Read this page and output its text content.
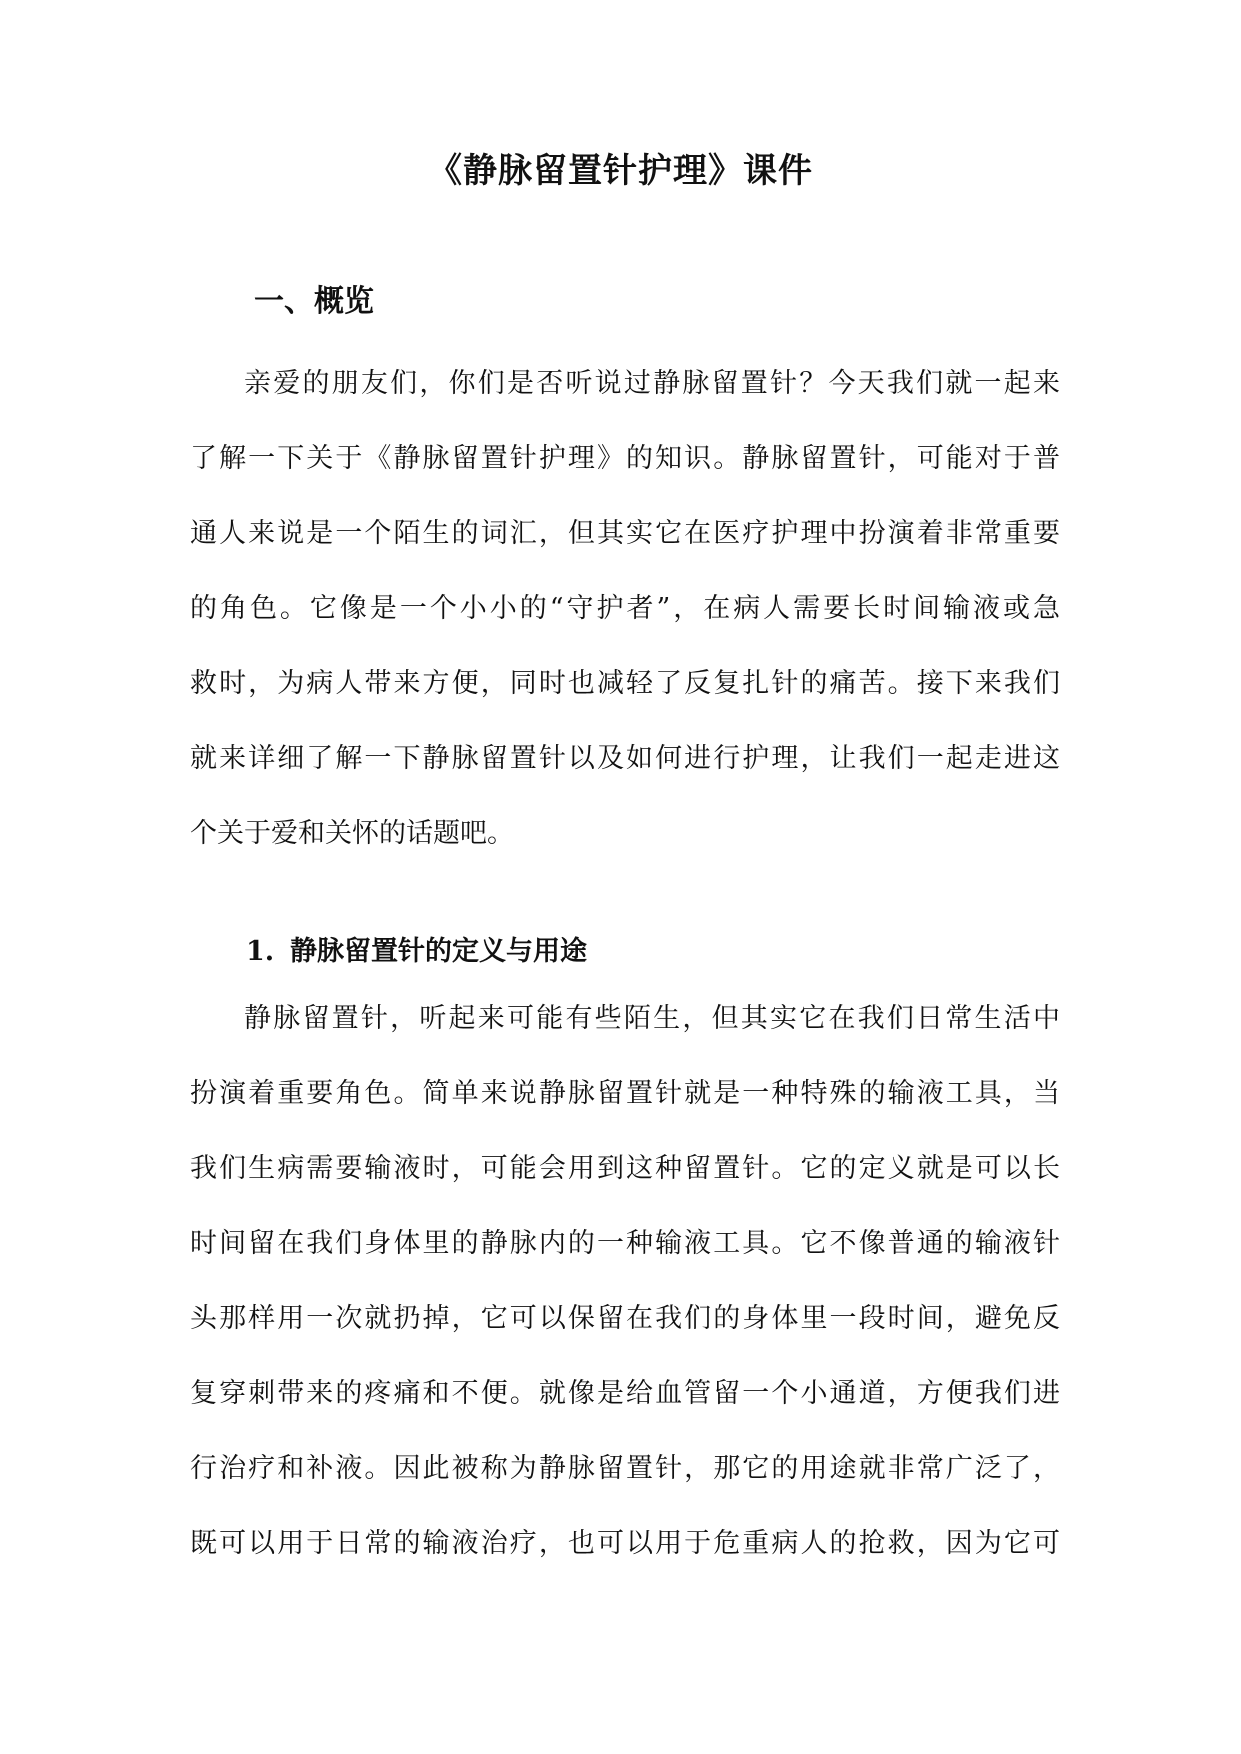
《静脉留置针护理》课件
一、概览
亲爱的朋友们，你们是否听说过静脉留置针？今天我们就一起来
了解一下关于《静脉留置针护理》的知识。静脉留置针，可能对于普
通人来说是一个陌生的词汇，但其实它在医疗护理中扮演着非常重要
的角色。它像是一个小小的“守护者”，在病人需要长时间输液或急
救时，为病人带来方便，同时也减轻了反复扎针的痛苦。接下来我们
就来详细了解一下静脉留置针以及如何进行护理，让我们一起走进这
个关于爱和关怀的话题吧。
1. 静脉留置针的定义与用途
静脉留置针，听起来可能有些陌生，但其实它在我们日常生活中
扮演着重要角色。简单来说静脉留置针就是一种特殊的输液工具，当
我们生病需要输液时，可能会用到这种留置针。它的定义就是可以长
时间留在我们身体里的静脉内的一种输液工具。它不像普通的输液针
头那样用一次就扔掉，它可以保留在我们的身体里一段时间，避免反
复穿刺带来的疼痛和不便。就像是给血管留一个小通道，方便我们进
行治疗和补液。因此被称为静脉留置针，那它的用途就非常广泛了，
既可以用于日常的输液治疗，也可以用于危重病人的抢救，因为它可
